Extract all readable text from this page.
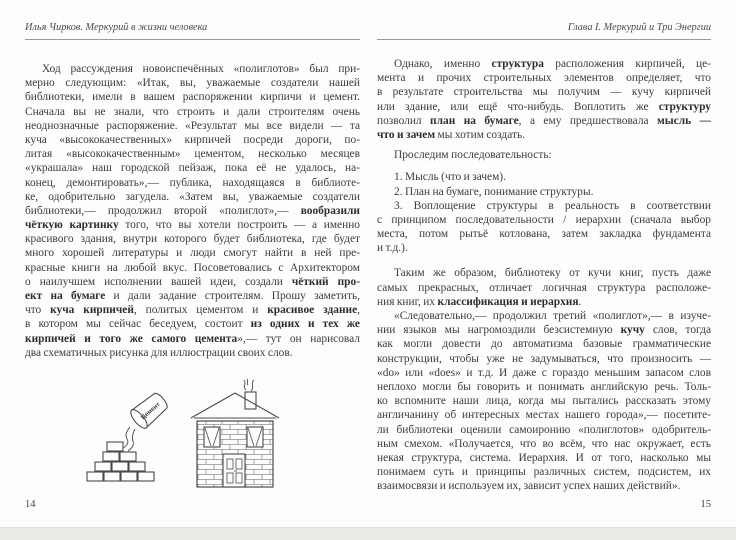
Илья Чирков. Меркурий в жизни человека	Глава I. Меркурий и Три Энергии
Ход рассуждения новоиспечённых «полиглотов» был при-
мерно следующим: «Итак, вы, уважаемые создатели нашей
библиотеки, имели в вашем распоряжении кирпичи и цемент.
Сначала вы не знали, что строить и дали строителям очень
неоднозначные распоряжение. «Результат мы все видели — та
куча «высококачественных» кирпичей посреди дороги, по-
литая «высококачественным» цементом, несколько месяцев
«украшала» наш городской пейзаж, пока её не удалось, на-
конец, демонтировать»,— публика, находящаяся в библиоте-
ке, одобрительно загудела. «Затем вы, уважаемые создатели
библиотеки,— продолжил второй «полиглот»,— вообразили
чёткую картинку того, что вы хотели построить — а именно
красивого здания, внутри которого будет библиотека, где будет
много хорошей литературы и люди смогут найти в ней пре-
красные книги на любой вкус. Посоветовались с Архитектором
о наилучшем исполнении вашей идеи, создали чёткий про-
ект на бумаге и дали задание строителям. Прошу заметить,
что куча кирпичей, политых цементом и красивое здание,
в котором мы сейчас беседуем, состоит из одних и тех же
кирпичей и того же самого цемента»,— тут он нарисовал
два схематичных рисунка для иллюстрации своих слов.
Однако, именно структура расположения кирпичей, це-
мента и прочих строительных элементов определяет, что
в результате строительства мы получим — кучу кирпичей
или здание, или ещё что-нибудь. Воплотить же структуру
позволил план на бумаге, а ему предшествовала мысль —
что и зачем мы хотим создать.
Проследим последовательность:
1. Мысль (что и зачем).
2. План на бумаге, понимание структуры.
3. Воплощение структуры в реальность в соответствии
с принципом последовательности / иерархии (сначала выбор
места, потом рытьё котлована, затем закладка фундамента
и т.д.).
Таким же образом, библиотеку от кучи книг, пусть даже
самых прекрасных, отличает логичная структура расположе-
ния книг, их классификация и иерархия.
«Следовательно,— продолжил третий «полиглот»,— в изуче-
нии языков мы нагромоздили безсистемную кучу слов, тогда
как могли довести до автоматизма базовые грамматические
конструкции, чтобы уже не задумываться, что произносить —
«do» или «does» и т.д. И даже с гораздо меньшим запасом слов
неплохо могли бы говорить и понимать английскую речь. Толь-
ко вспомните наши лица, когда мы пытались рассказать этому
англичанину об интересных местах нашего города»,— посетите-
ли библиотеки оценили самоиронию «полиглотов» одобритель-
ным смехом. «Получается, что во всём, что нас окружает, есть
некая структура, система. Иерархия. И от того, насколько мы
понимаем суть и принципы различных систем, подсистем, их
взаимосвязи и используем их, зависит успех наших действий».
Цемент
14	15
